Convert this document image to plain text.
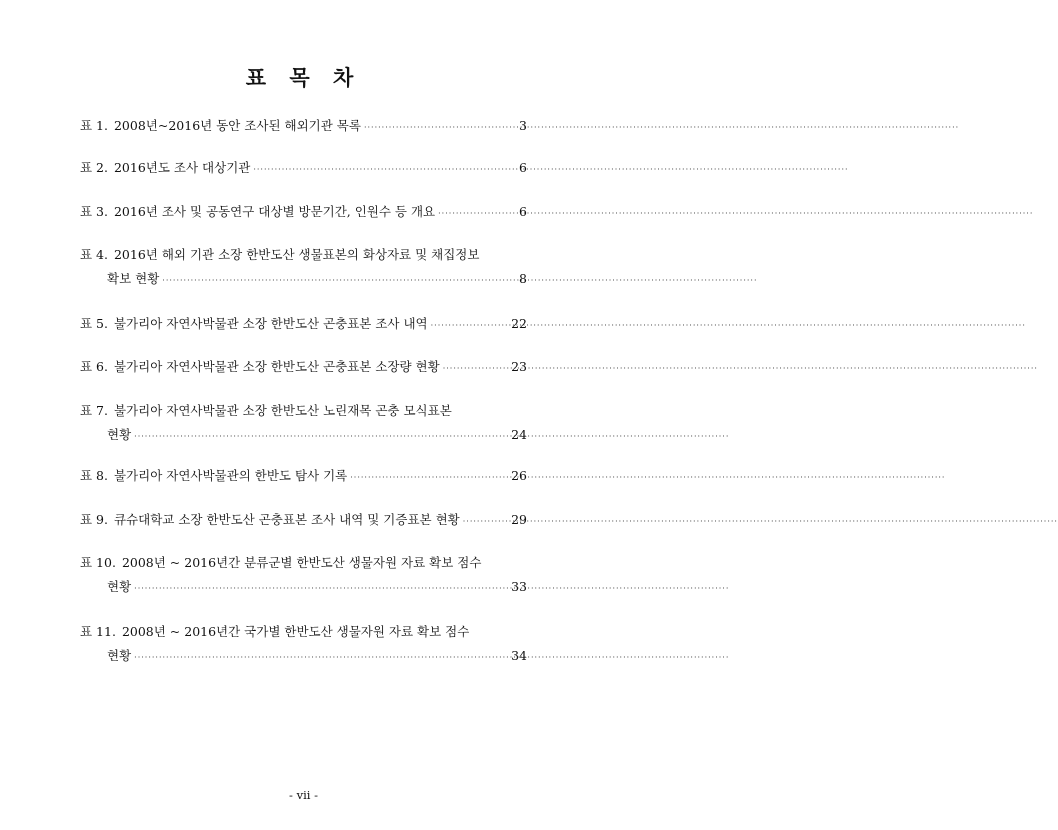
표 목 차
표 1. 2008년~2016년 동안 조사된 해외기관 목록 ·····	3
표 2. 2016년도 조사 대상기관 ·····	6
표 3. 2016년 조사 및 공동연구 대상별 방문기간, 인원수 등 개요 ·····	6
표 4. 2016년 해외 기관 소장 한반도산 생물표본의 화상자료 및 채집정보
확보 현황 ·····	8
표 5. 불가리아 자연사박물관 소장 한반도산 곤충표본 조사 내역 ·····	22
표 6. 불가리아 자연사박물관 소장 한반도산 곤충표본 소장량 현황 ·····	23
표 7. 불가리아 자연사박물관 소장 한반도산 노린재목 곤충 모식표본
현황 ·····	24
표 8. 불가리아 자연사박물관의 한반도 탐사 기록 ·····	26
표 9. 큐슈대학교 소장 한반도산 곤충표본 조사 내역 및 기증표본 현황 ·····	29
표 10. 2008년 ~ 2016년간 분류군별 한반도산 생물자원 자료 확보 점수
현황 ·····	33
표 11. 2008년 ~ 2016년간 국가별 한반도산 생물자원 자료 확보 점수
현황 ·····	34
- vii -
